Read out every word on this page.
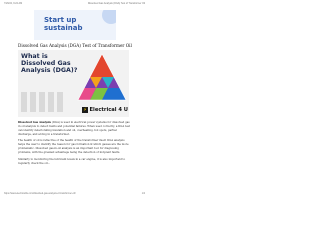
7/26/24, 9:22 AM	Dissolved Gas Analysis (DGA) Test of Transformer Oil
Start up
sustainab
Dissolved Gas Analysis (DGA) Test of Transformer Oil
What is Dissolved Gas Analysis (DGA)?
⚡ Electrical 4 U

Dissolved Gas Analysis (DGA) is used in electrical power systems for dissolved gas in oil analysis to detect faults and potential failures. When used correctly, a DGA test can identify deteriorating insulation and oil, overheating, hot spots, partial discharge, and arcing in a transformer.

The health of oil is reflective of the health of the transformer itself. DGA analysis helps the user to identify the reason for gas formation & which gasses are the more problematic. Dissolved gas-in-oil analysis is an important tool for diagnosing problems, with the greatest advantage being the detection of incipient faults.

Similarly to monitoring the lubricant levels in a car engine, it is also important to regularly check the oil...

https://www.electrical4u.com/dissolved-gas-analysis-of-transformer-oil/	1/4
